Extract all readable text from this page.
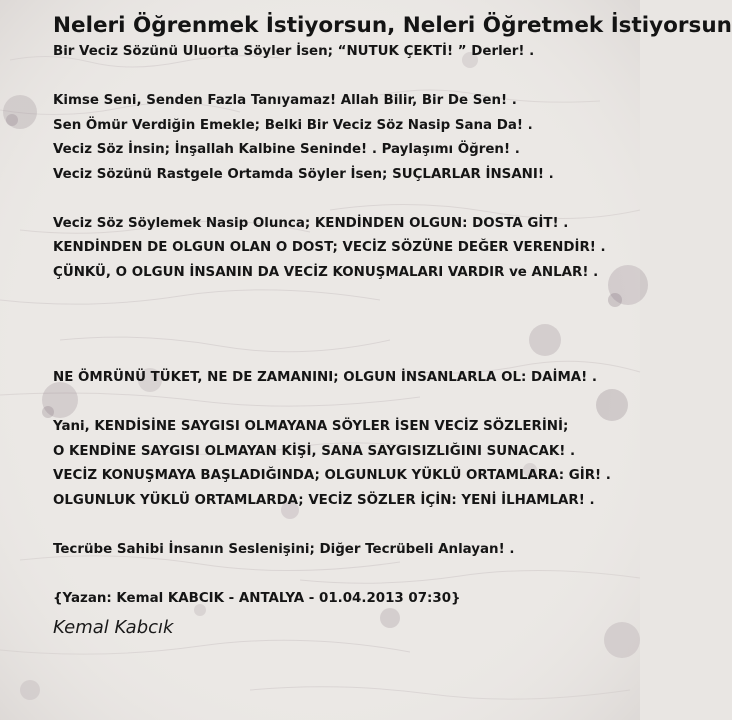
Neleri Öğrenmek İstiyorsun, Neleri Öğretmek İstiyorsun
Bir Veciz Sözünü Uluorta Söyler İsen; “NUTUK ÇEKTİ! ” Derler! .
Kimse Seni, Senden Fazla Tanıyamaz! Allah Bilir, Bir De Sen! .
Sen Ömür Verdiğin Emekle; Belki Bir Veciz Söz Nasip Sana Da! .
Veciz Söz İnsin; İnşallah Kalbine Seninde! . Paylaşımı Öğren! .
Veciz Sözünü Rastgele Ortamda Söyler İsen; SUÇLARLAR İNSANI! .
Veciz Söz Söylemek Nasip Olunca; KENDİNDEN OLGUN: DOSTA GİT! .
KENDİNDEN DE OLGUN OLAN O DOST; VECİZ SÖZÜNE DEĞER VERENDİR! .
ÇÜNKÜ, O OLGUN İNSANIN DA VECİZ KONUŞMALARI VARDIR ve ANLAR! .
NE ÖMRÜNÜ TÜKET, NE DE ZAMANINI; OLGUN İNSANLARLA OL: DAİMA! .
Yani, KENDİSİNE SAYGISI OLMAYANA SÖYLER İSEN VECİZ SÖZLERİNİ;
O KENDİNE SAYGISI OLMAYAN KİŞİ, SANA SAYGISIZLIĞINI SUNACAK! .
VECİZ KONUŞMAYA BAŞLADIĞINDA; OLGUNLUK YÜKLÜ ORTAMLARA: GİR! .
OLGUNLUK YÜKLÜ ORTAMLARDA; VECİZ SÖZLER İÇİN: YENİ İLHAMLAR! .
Tecrübe Sahibi İnsanın Seslenişini; Diğer Tecrübeli Anlayan! .
{Yazan: Kemal KABCIK - ANTALYA - 01.04.2013 07:30}
Kemal Kabcık
